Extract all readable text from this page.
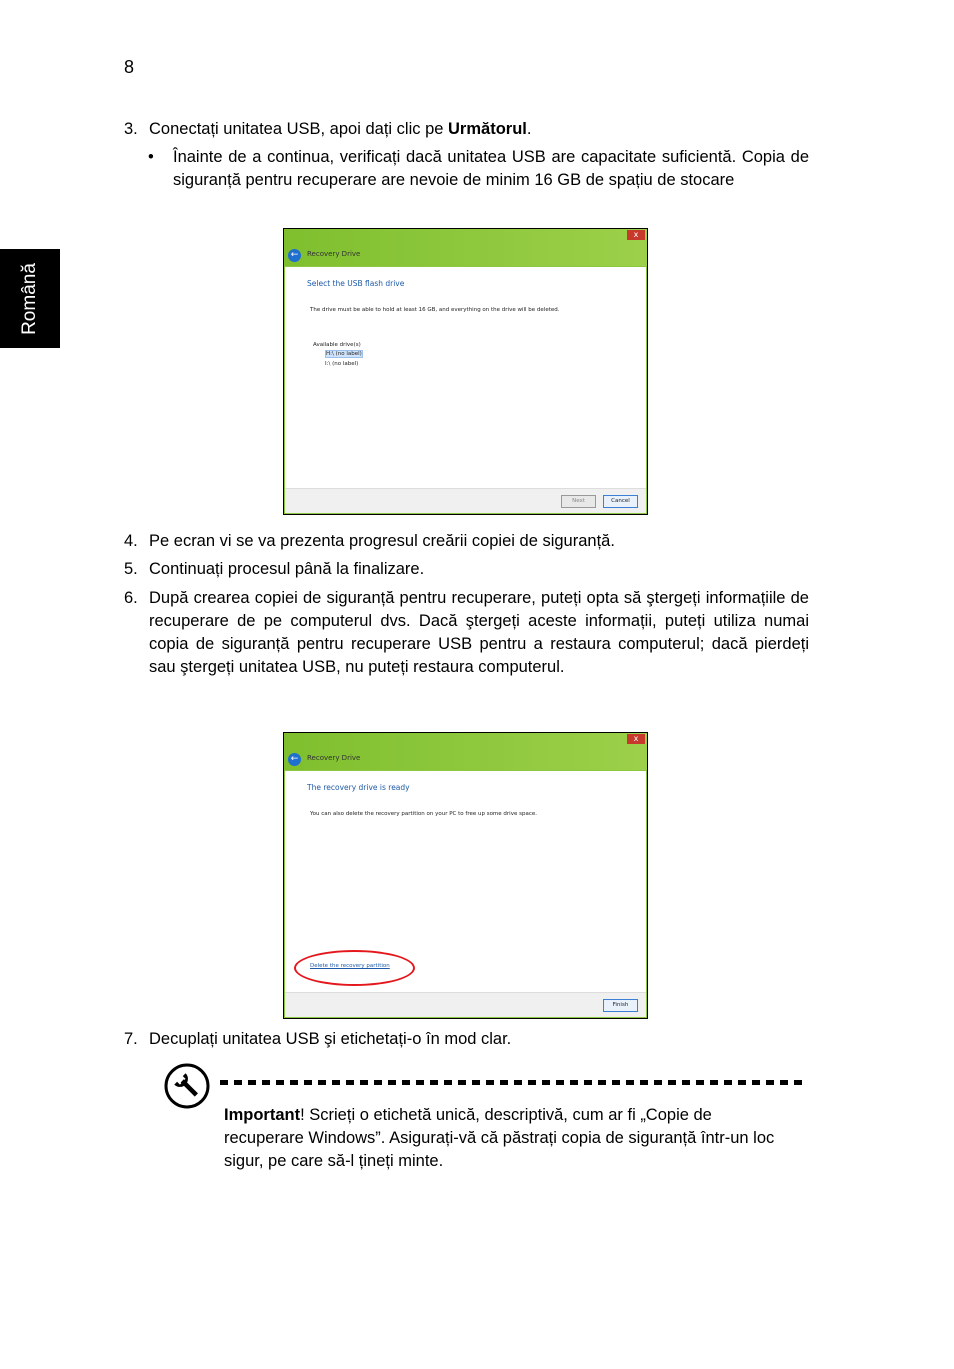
8
Română
3. Conectați unitatea USB, apoi dați clic pe Următorul.
• Înainte de a continua, verificați dacă unitatea USB are capacitate suficientă. Copia de siguranță pentru recuperare are nevoie de minim 16 GB de spațiu de stocare
x
←	Recovery Drive
Select the USB flash drive
The drive must be able to hold at least 16 GB, and everything on the drive will be deleted.
Available drive(s)
H:\ (no label)
I:\ (no label)
Next	Cancel
4. Pe ecran vi se va prezenta progresul creării copiei de siguranță.
5. Continuați procesul până la finalizare.
6. După crearea copiei de siguranță pentru recuperare, puteți opta să ştergeți informațiile de recuperare de pe computerul dvs. Dacă ştergeți aceste informații, puteți utiliza numai copia de siguranță pentru recuperare USB pentru a restaura computerul; dacă pierdeți sau ştergeți unitatea USB, nu puteți restaura computerul.
x
←	Recovery Drive
The recovery drive is ready
You can also delete the recovery partition on your PC to free up some drive space.
Delete the recovery partition
Finish
7. Decuplați unitatea USB şi etichetați-o în mod clar.
Important! Scrieți o etichetă unică, descriptivă, cum ar fi „Copie de recuperare Windows”. Asigurați-vă că păstrați copia de siguranță într-un loc sigur, pe care să-l țineți minte.
